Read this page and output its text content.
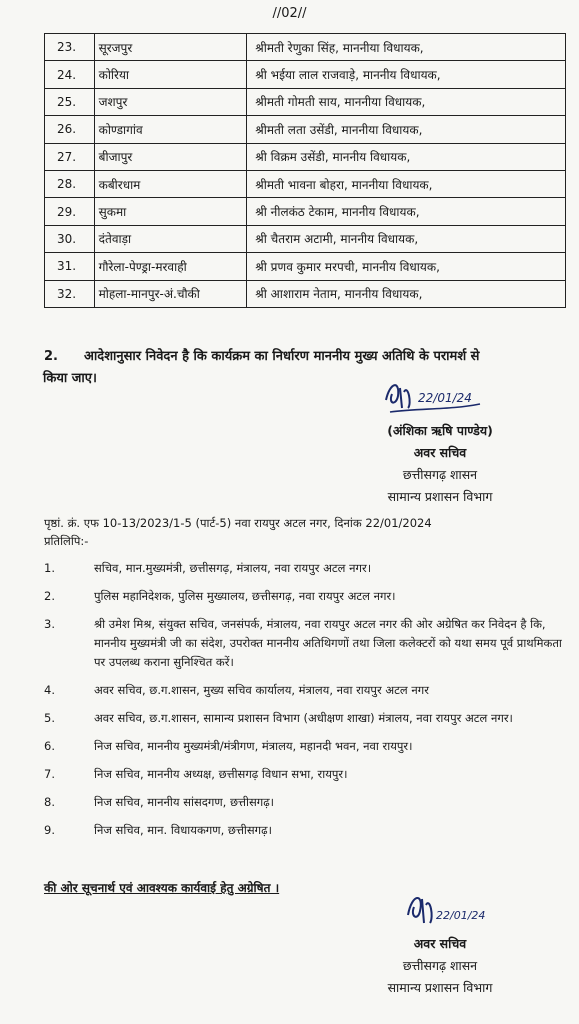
//02//
23.	सूरजपुर	श्रीमती रेणुका सिंह, माननीया विधायक,
24.	कोरिया	श्री भईया लाल राजवाड़े, माननीय विधायक,
25.	जशपुर	श्रीमती गोमती साय, माननीया विधायक,
26.	कोण्डागांव	श्रीमती लता उसेंडी, माननीया विधायक,
27.	बीजापुर	श्री विक्रम उसेंडी, माननीय विधायक,
28.	कबीरधाम	श्रीमती भावना बोहरा, माननीया विधायक,
29.	सुकमा	श्री नीलकंठ टेकाम, माननीय विधायक,
30.	दंतेवाड़ा	श्री चैतराम अटामी, माननीय विधायक,
31.	गौरेला-पेण्ड्रा-मरवाही	श्री प्रणव कुमार मरपची, माननीय विधायक,
32.	मोहला-मानपुर-अं.चौकी	श्री आशाराम नेताम, माननीय विधायक,
2. आदेशानुसार निवेदन है कि कार्यक्रम का निर्धारण माननीय मुख्य अतिथि के परामर्श से
किया जाए।
22/01/24
(अंशिका ऋषि पाण्डेय)
अवर सचिव
छत्तीसगढ़ शासन
सामान्य प्रशासन विभाग
पृष्ठां. क्रं. एफ 10-13/2023/1-5 (पार्ट-5) नवा रायपुर अटल नगर, दिनांक 22/01/2024
प्रतिलिपि:-
1.	सचिव, मान.मुख्यमंत्री, छत्तीसगढ़, मंत्रालय, नवा रायपुर अटल नगर।
2.	पुलिस महानिदेशक, पुलिस मुख्यालय, छत्तीसगढ़, नवा रायपुर अटल नगर।
3.	श्री उमेश मिश्र, संयुक्त सचिव, जनसंपर्क, मंत्रालय, नवा रायपुर अटल नगर की ओर अग्रेषित कर निवेदन है कि, माननीय मुख्यमंत्री जी का संदेश, उपरोक्त माननीय अतिथिगणों तथा जिला कलेक्टरों को यथा समय पूर्व प्राथमिकता पर उपलब्ध कराना सुनिश्चित करें।
4.	अवर सचिव, छ.ग.शासन, मुख्य सचिव कार्यालय, मंत्रालय, नवा रायपुर अटल नगर
5.	अवर सचिव, छ.ग.शासन, सामान्य प्रशासन विभाग (अधीक्षण शाखा) मंत्रालय, नवा रायपुर अटल नगर।
6.	निज सचिव, माननीय मुख्यमंत्री/मंत्रीगण, मंत्रालय, महानदी भवन, नवा रायपुर।
7.	निज सचिव, माननीय अध्यक्ष, छत्तीसगढ़ विधान सभा, रायपुर।
8.	निज सचिव, माननीय सांसदगण, छत्तीसगढ़।
9.	निज सचिव, मान. विधायकगण, छत्तीसगढ़।
की ओर सूचनार्थ एवं आवश्यक कार्यवाई हेतु अग्रेषित ।
22/01/24
अवर सचिव
छत्तीसगढ़ शासन
सामान्य प्रशासन विभाग
